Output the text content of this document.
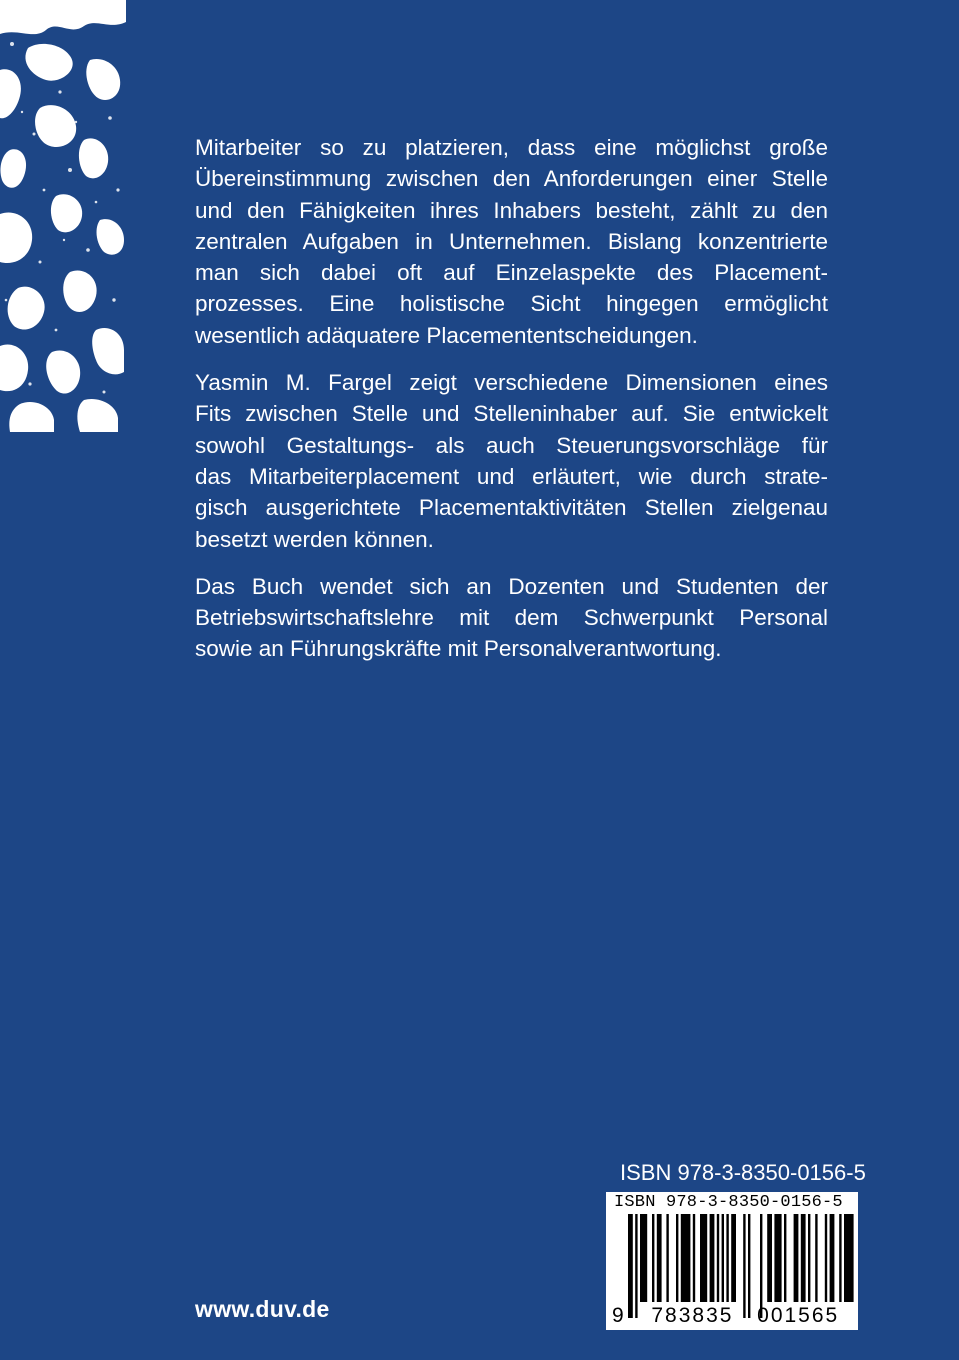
Mitarbeiter so zu platzieren, dass eine möglichst große
Übereinstimmung zwischen den Anforderungen einer Stelle
und den Fähigkeiten ihres Inhabers besteht, zählt zu den
zentralen Aufgaben in Unternehmen. Bislang konzentrierte
man sich dabei oft auf Einzelaspekte des Placement-
prozesses. Eine holistische Sicht hingegen ermöglicht
wesentlich adäquatere Placemententscheidungen.

Yasmin M. Fargel zeigt verschiedene Dimensionen eines
Fits zwischen Stelle und Stelleninhaber auf. Sie entwickelt
sowohl Gestaltungs- als auch Steuerungsvorschläge für
das Mitarbeiterplacement und erläutert, wie durch strate-
gisch ausgerichtete Placementaktivitäten Stellen zielgenau
besetzt werden können.

Das Buch wendet sich an Dozenten und Studenten der
Betriebswirtschaftslehre mit dem Schwerpunkt Personal
sowie an Führungskräfte mit Personalverantwortung.

ISBN 978-3-8350-0156-5
ISBN 978-3-8350-0156-5
9 783835 001565
www.duv.de
